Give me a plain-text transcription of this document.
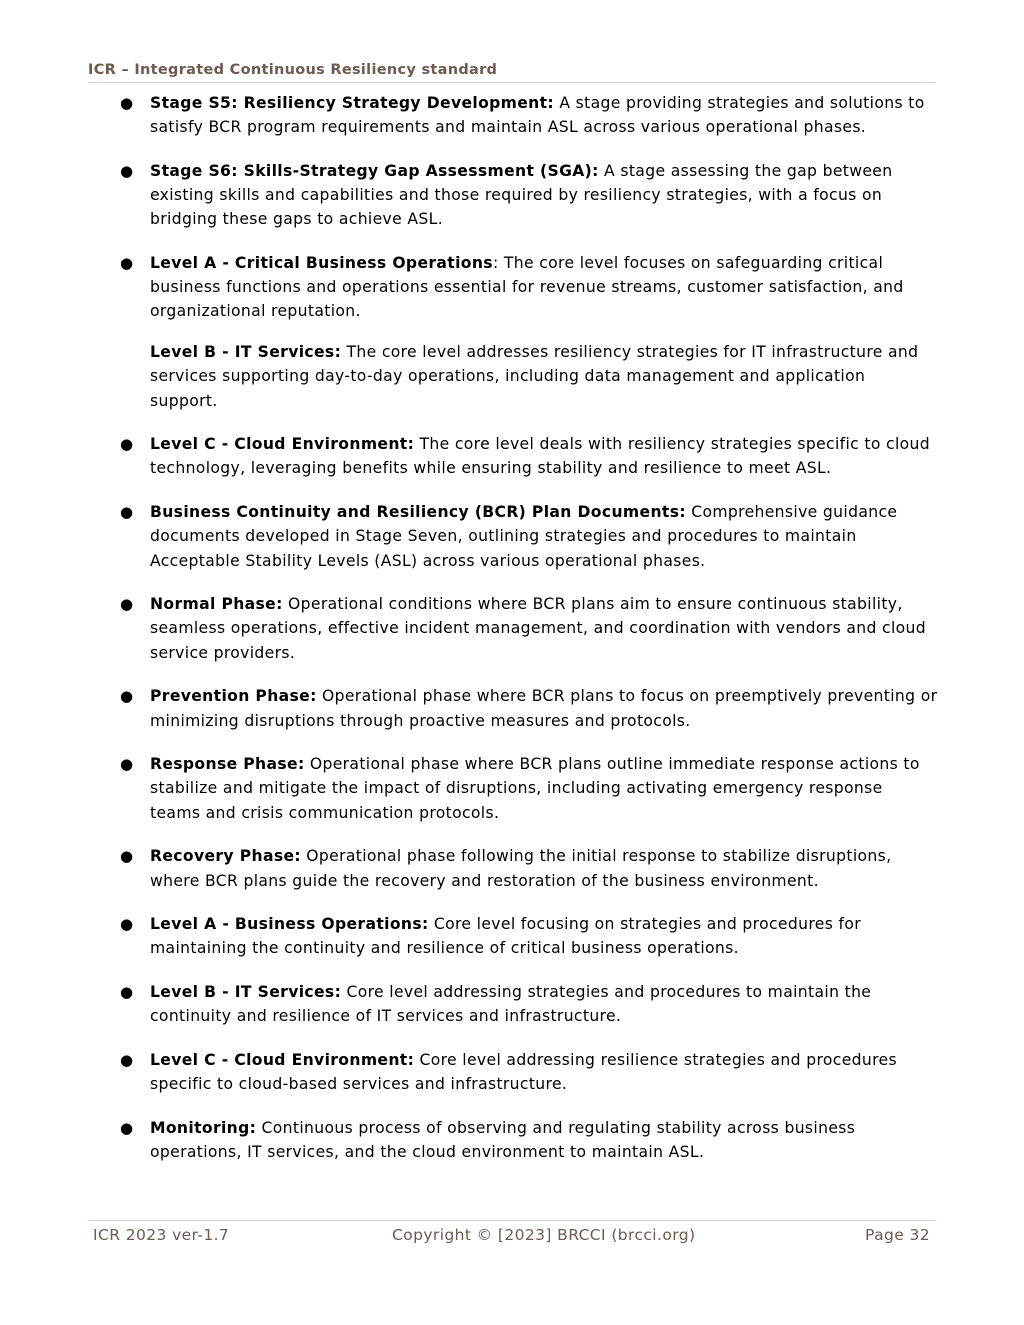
ICR – Integrated Continuous Resiliency standard
● Stage S5: Resiliency Strategy Development: A stage providing strategies and solutions to satisfy BCR program requirements and maintain ASL across various operational phases.
● Stage S6: Skills-Strategy Gap Assessment (SGA): A stage assessing the gap between existing skills and capabilities and those required by resiliency strategies, with a focus on bridging these gaps to achieve ASL.
● Level A - Critical Business Operations: The core level focuses on safeguarding critical business functions and operations essential for revenue streams, customer satisfaction, and organizational reputation.
Level B - IT Services: The core level addresses resiliency strategies for IT infrastructure and services supporting day-to-day operations, including data management and application support.
● Level C - Cloud Environment: The core level deals with resiliency strategies specific to cloud technology, leveraging benefits while ensuring stability and resilience to meet ASL.
● Business Continuity and Resiliency (BCR) Plan Documents: Comprehensive guidance documents developed in Stage Seven, outlining strategies and procedures to maintain Acceptable Stability Levels (ASL) across various operational phases.
● Normal Phase: Operational conditions where BCR plans aim to ensure continuous stability, seamless operations, effective incident management, and coordination with vendors and cloud service providers.
● Prevention Phase: Operational phase where BCR plans to focus on preemptively preventing or minimizing disruptions through proactive measures and protocols.
● Response Phase: Operational phase where BCR plans outline immediate response actions to stabilize and mitigate the impact of disruptions, including activating emergency response teams and crisis communication protocols.
● Recovery Phase: Operational phase following the initial response to stabilize disruptions, where BCR plans guide the recovery and restoration of the business environment.
● Level A - Business Operations: Core level focusing on strategies and procedures for maintaining the continuity and resilience of critical business operations.
● Level B - IT Services: Core level addressing strategies and procedures to maintain the continuity and resilience of IT services and infrastructure.
● Level C - Cloud Environment: Core level addressing resilience strategies and procedures specific to cloud-based services and infrastructure.
● Monitoring: Continuous process of observing and regulating stability across business operations, IT services, and the cloud environment to maintain ASL.
ICR 2023 ver-1.7	Copyright © [2023] BRCCI (brcci.org)	Page 32
